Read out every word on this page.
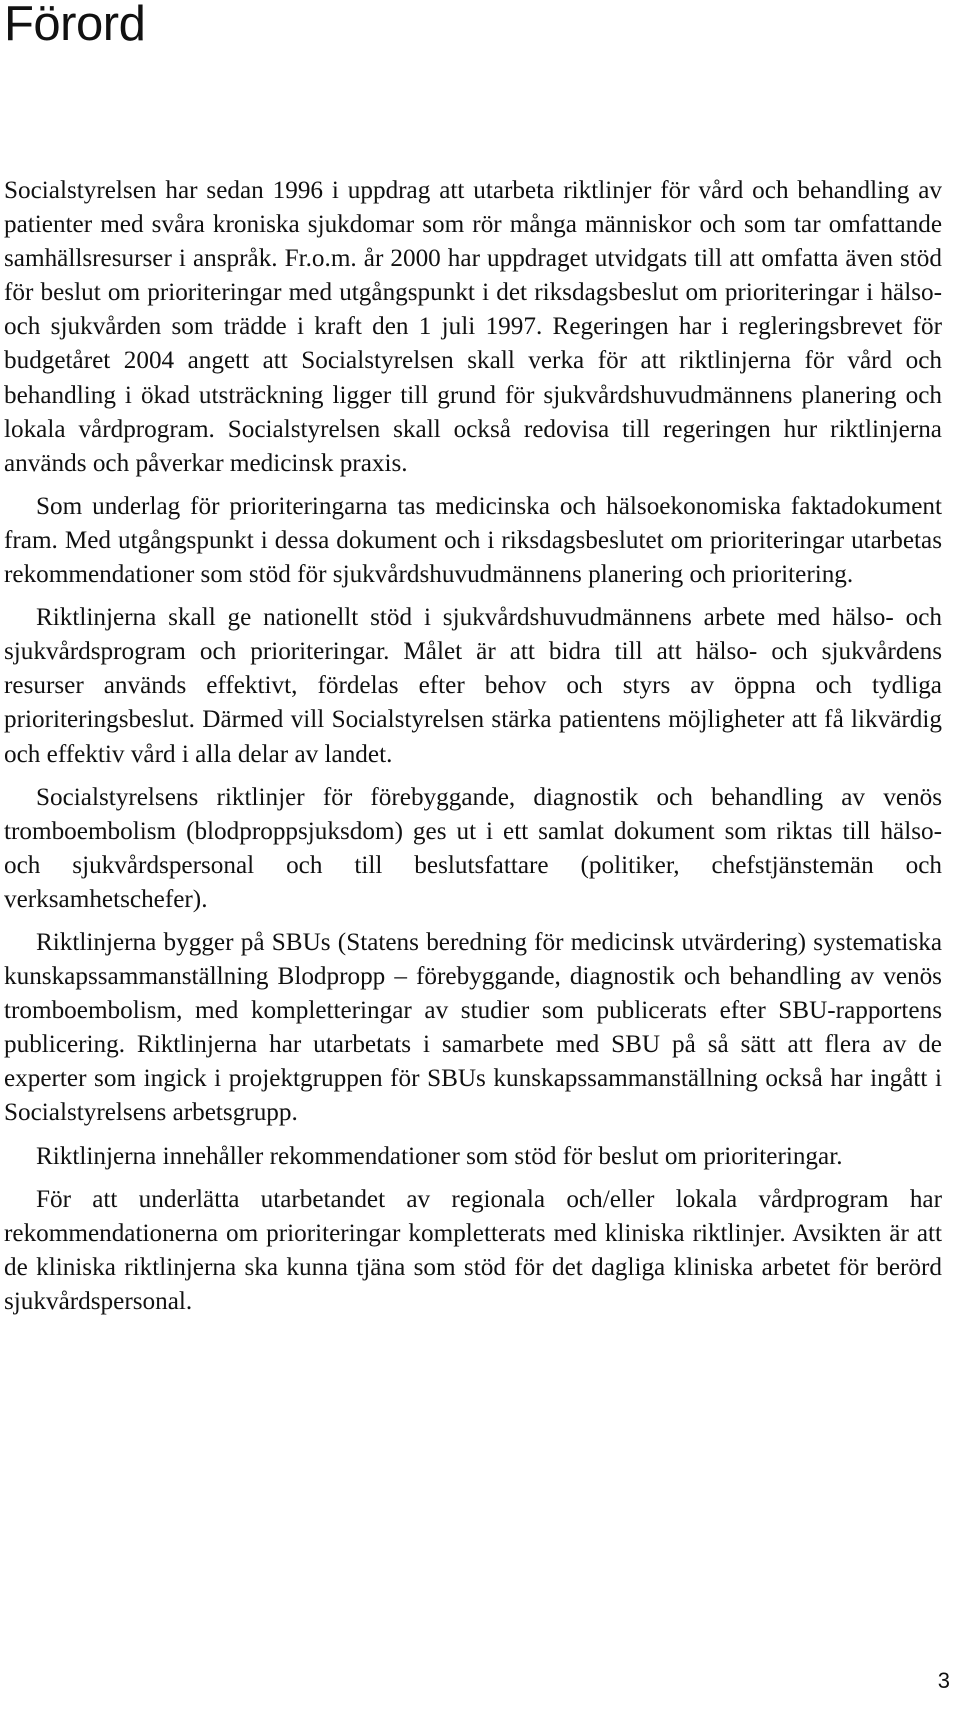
Förord

Socialstyrelsen har sedan 1996 i uppdrag att utarbeta riktlinjer för vård och behandling av patienter med svåra kroniska sjukdomar som rör många människor och som tar omfattande samhällsresurser i anspråk. Fr.o.m. år 2000 har uppdraget utvidgats till att omfatta även stöd för beslut om prioriteringar med utgångspunkt i det riksdagsbeslut om prioriteringar i hälso- och sjukvården som trädde i kraft den 1 juli 1997. Regeringen har i regleringsbrevet för budgetåret 2004 angett att Socialstyrelsen skall verka för att riktlinjerna för vård och behandling i ökad utsträckning ligger till grund för sjukvårdshuvudmännens planering och lokala vårdprogram. Socialstyrelsen skall också redovisa till regeringen hur riktlinjerna används och påverkar medicinsk praxis.

Som underlag för prioriteringarna tas medicinska och hälsoekonomiska faktadokument fram. Med utgångspunkt i dessa dokument och i riksdagsbeslutet om prioriteringar utarbetas rekommendationer som stöd för sjukvårdshuvudmännens planering och prioritering.

Riktlinjerna skall ge nationellt stöd i sjukvårdshuvudmännens arbete med hälso- och sjukvårdsprogram och prioriteringar. Målet är att bidra till att hälso- och sjukvårdens resurser används effektivt, fördelas efter behov och styrs av öppna och tydliga prioriteringsbeslut. Därmed vill Socialstyrelsen stärka patientens möjligheter att få likvärdig och effektiv vård i alla delar av landet.

Socialstyrelsens riktlinjer för förebyggande, diagnostik och behandling av venös tromboembolism (blodproppsjuksdom) ges ut i ett samlat dokument som riktas till hälso- och sjukvårdspersonal och till beslutsfattare (politiker, chefstjänstemän och verksamhetschefer).

Riktlinjerna bygger på SBUs (Statens beredning för medicinsk utvärdering) systematiska kunskapssammanställning Blodpropp – förebyggande, diagnostik och behandling av venös tromboembolism, med kompletteringar av studier som publicerats efter SBU-rapportens publicering. Riktlinjerna har utarbetats i samarbete med SBU på så sätt att flera av de experter som ingick i projektgruppen för SBUs kunskapssammanställning också har ingått i Socialstyrelsens arbetsgrupp.

Riktlinjerna innehåller rekommendationer som stöd för beslut om prioriteringar.

För att underlätta utarbetandet av regionala och/eller lokala vårdprogram har rekommendationerna om prioriteringar kompletterats med kliniska riktlinjer. Avsikten är att de kliniska riktlinjerna ska kunna tjäna som stöd för det dagliga kliniska arbetet för berörd sjukvårdspersonal.

3
